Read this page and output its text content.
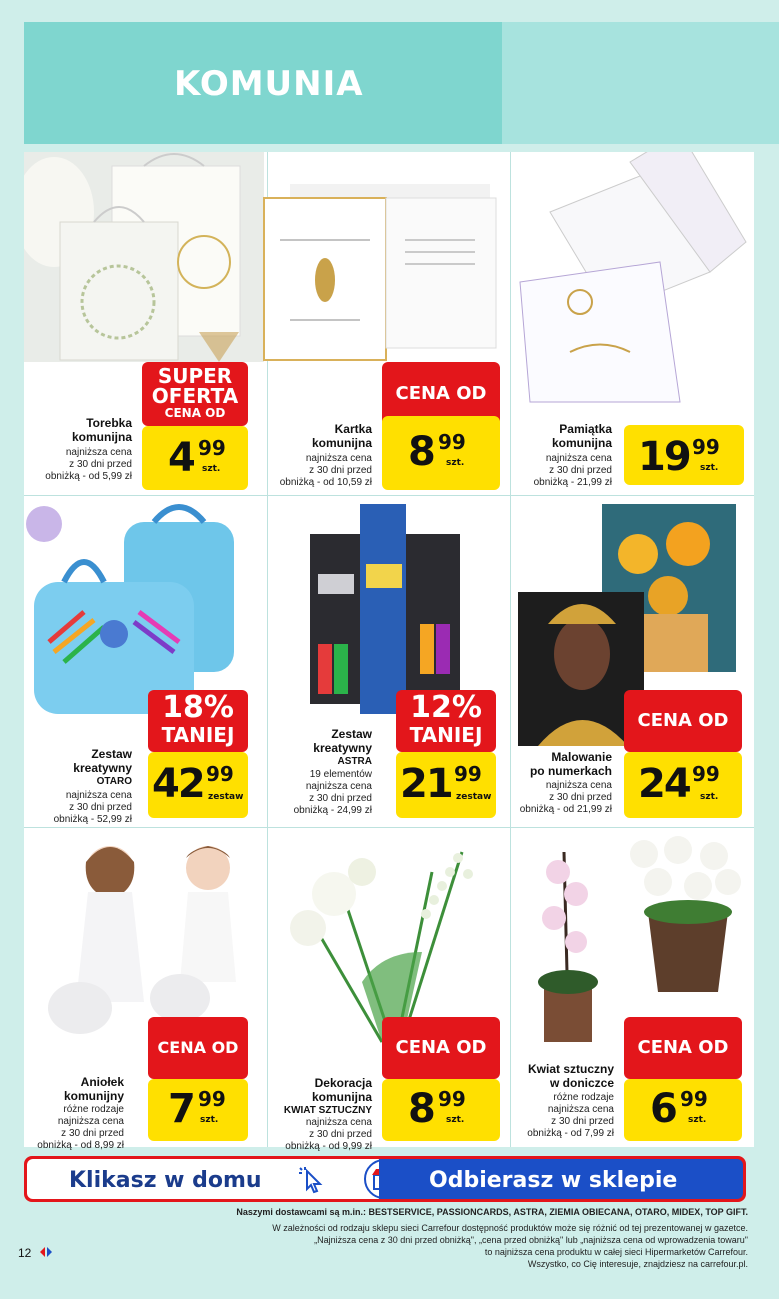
KOMUNIA
SUPER
OFERTA
CENA OD
4 99
szt.
Torebka
komunijna
najniższa cena
z 30 dni przed
obniżką - od 5,99 zł
CENA OD
8 99
szt.
Kartka
komunijna
najniższa cena
z 30 dni przed
obniżką - od 10,59 zł
19 99
szt.
Pamiątka
komunijna
najniższa cena
z 30 dni przed
obniżką - 21,99 zł
18%
TANIEJ
42 99
zestaw
Zestaw
kreatywny
OTARO
najniższa cena
z 30 dni przed
obniżką - 52,99 zł
12%
TANIEJ
21 99
zestaw
Zestaw
kreatywny
ASTRA
19 elementów
najniższa cena
z 30 dni przed
obniżką - 24,99 zł
CENA OD
24 99
szt.
Malowanie
po numerkach
najniższa cena
z 30 dni przed
obniżką - od 21,99 zł
CENA OD
7 99
szt.
Aniołek
komunijny
różne rodzaje
najniższa cena
z 30 dni przed
obniżką - od 8,99 zł
CENA OD
8 99
szt.
Dekoracja
komunijna
KWIAT SZTUCZNY
najniższa cena
z 30 dni przed
obniżką - od 9,99 zł
CENA OD
6 99
szt.
Kwiat sztuczny
w doniczce
różne rodzaje
najniższa cena
z 30 dni przed
obniżką - od 7,99 zł
Klikasz w domu	Odbierasz w sklepie
Naszymi dostawcami są m.in.: BESTSERVICE, PASSIONCARDS, ASTRA, ZIEMIA OBIECANA, OTARO, MIDEX, TOP GIFT.
W zależności od rodzaju sklepu sieci Carrefour dostępność produktów może się różnić od tej prezentowanej w gazetce.
„Najniższa cena z 30 dni przed obniżką", „cena przed obniżką" lub „najniższa cena od wprowadzenia towaru"
to najniższa cena produktu w całej sieci Hipermarketów Carrefour.
Wszystko, co Cię interesuje, znajdziesz na carrefour.pl.
12
